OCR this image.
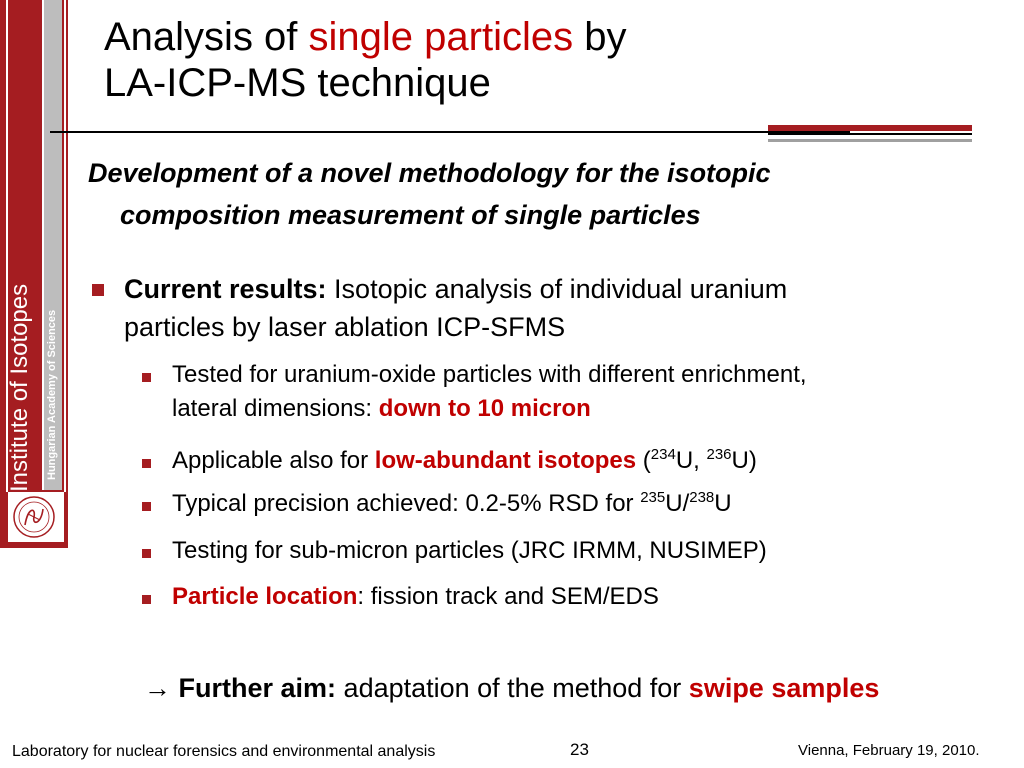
Institute of Isotopes	Hungarian Academy of Sciences
Analysis of single particles by
LA-ICP-MS technique
Development of a novel methodology for the isotopic
composition measurement of single particles
Current results: Isotopic analysis of individual uranium
particles by laser ablation ICP-SFMS
Tested for uranium-oxide particles with different enrichment,
lateral dimensions: down to 10 micron
Applicable also for low-abundant isotopes ($^{234}$U, $^{236}$U)
Typical precision achieved: 0.2-5% RSD for $^{235}$U/$^{238}$U
Testing for sub-micron particles (JRC IRMM, NUSIMEP)
Particle location: fission track and SEM/EDS
→ Further aim: adaptation of the method for swipe samples
Laboratory for nuclear forensics and environmental analysis	23	Vienna, February 19, 2010.
